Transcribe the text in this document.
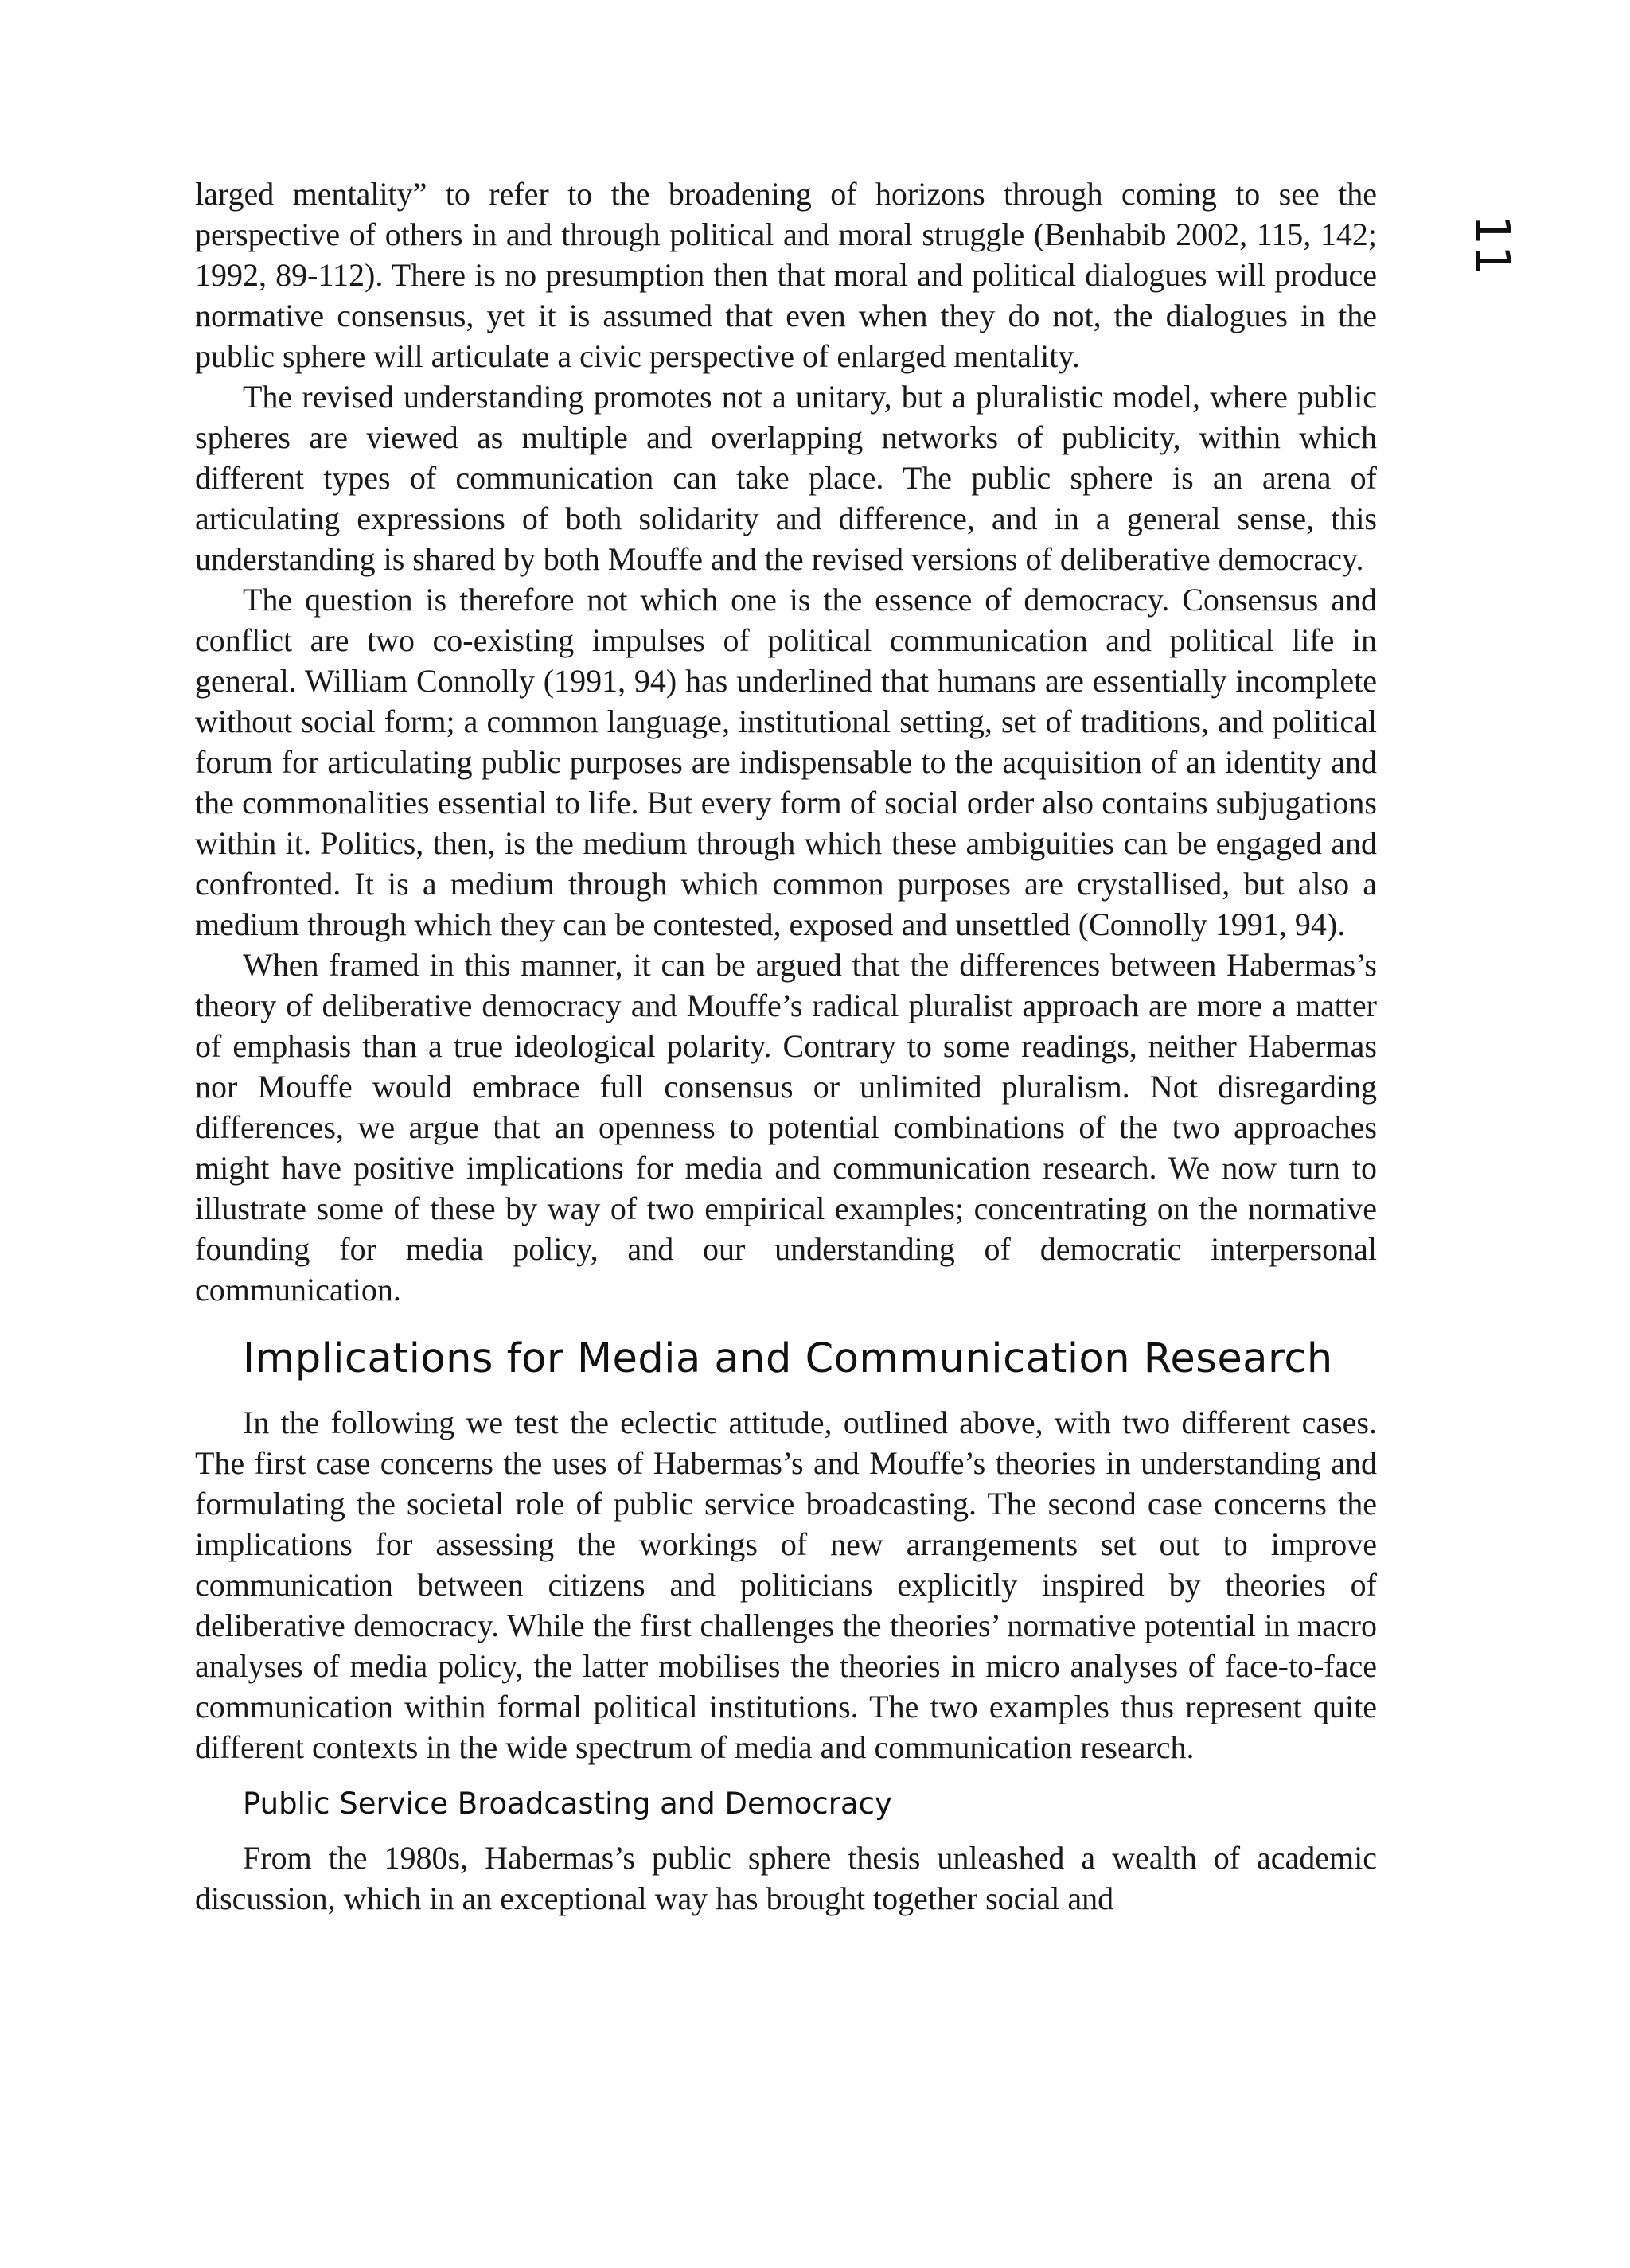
11

larged mentality” to refer to the broadening of horizons through coming to see the perspective of others in and through political and moral struggle (Benhabib 2002, 115, 142; 1992, 89-112). There is no presumption then that moral and political dialogues will produce normative consensus, yet it is assumed that even when they do not, the dialogues in the public sphere will articulate a civic perspective of enlarged mentality.

The revised understanding promotes not a unitary, but a pluralistic model, where public spheres are viewed as multiple and overlapping networks of publicity, within which different types of communication can take place. The public sphere is an arena of articulating expressions of both solidarity and difference, and in a general sense, this understanding is shared by both Mouffe and the revised versions of deliberative democracy.

The question is therefore not which one is the essence of democracy. Consensus and conflict are two co-existing impulses of political communication and political life in general. William Connolly (1991, 94) has underlined that humans are essentially incomplete without social form; a common language, institutional setting, set of traditions, and political forum for articulating public purposes are indispensable to the acquisition of an identity and the commonalities essential to life. But every form of social order also contains subjugations within it. Politics, then, is the medium through which these ambiguities can be engaged and confronted. It is a medium through which common purposes are crystallised, but also a medium through which they can be contested, exposed and unsettled (Connolly 1991, 94).

When framed in this manner, it can be argued that the differences between Habermas’s theory of deliberative democracy and Mouffe’s radical pluralist approach are more a matter of emphasis than a true ideological polarity. Contrary to some readings, neither Habermas nor Mouffe would embrace full consensus or unlimited pluralism. Not disregarding differences, we argue that an openness to potential combinations of the two approaches might have positive implications for media and communication research. We now turn to illustrate some of these by way of two empirical examples; concentrating on the normative founding for media policy, and our understanding of democratic interpersonal communication.

Implications for Media and Communication Research

In the following we test the eclectic attitude, outlined above, with two different cases. The first case concerns the uses of Habermas’s and Mouffe’s theories in understanding and formulating the societal role of public service broadcasting. The second case concerns the implications for assessing the workings of new arrangements set out to improve communication between citizens and politicians explicitly inspired by theories of deliberative democracy. While the first challenges the theories’ normative potential in macro analyses of media policy, the latter mobilises the theories in micro analyses of face-to-face communication within formal political institutions. The two examples thus represent quite different contexts in the wide spectrum of media and communication research.

Public Service Broadcasting and Democracy

From the 1980s, Habermas’s public sphere thesis unleashed a wealth of academic discussion, which in an exceptional way has brought together social and
